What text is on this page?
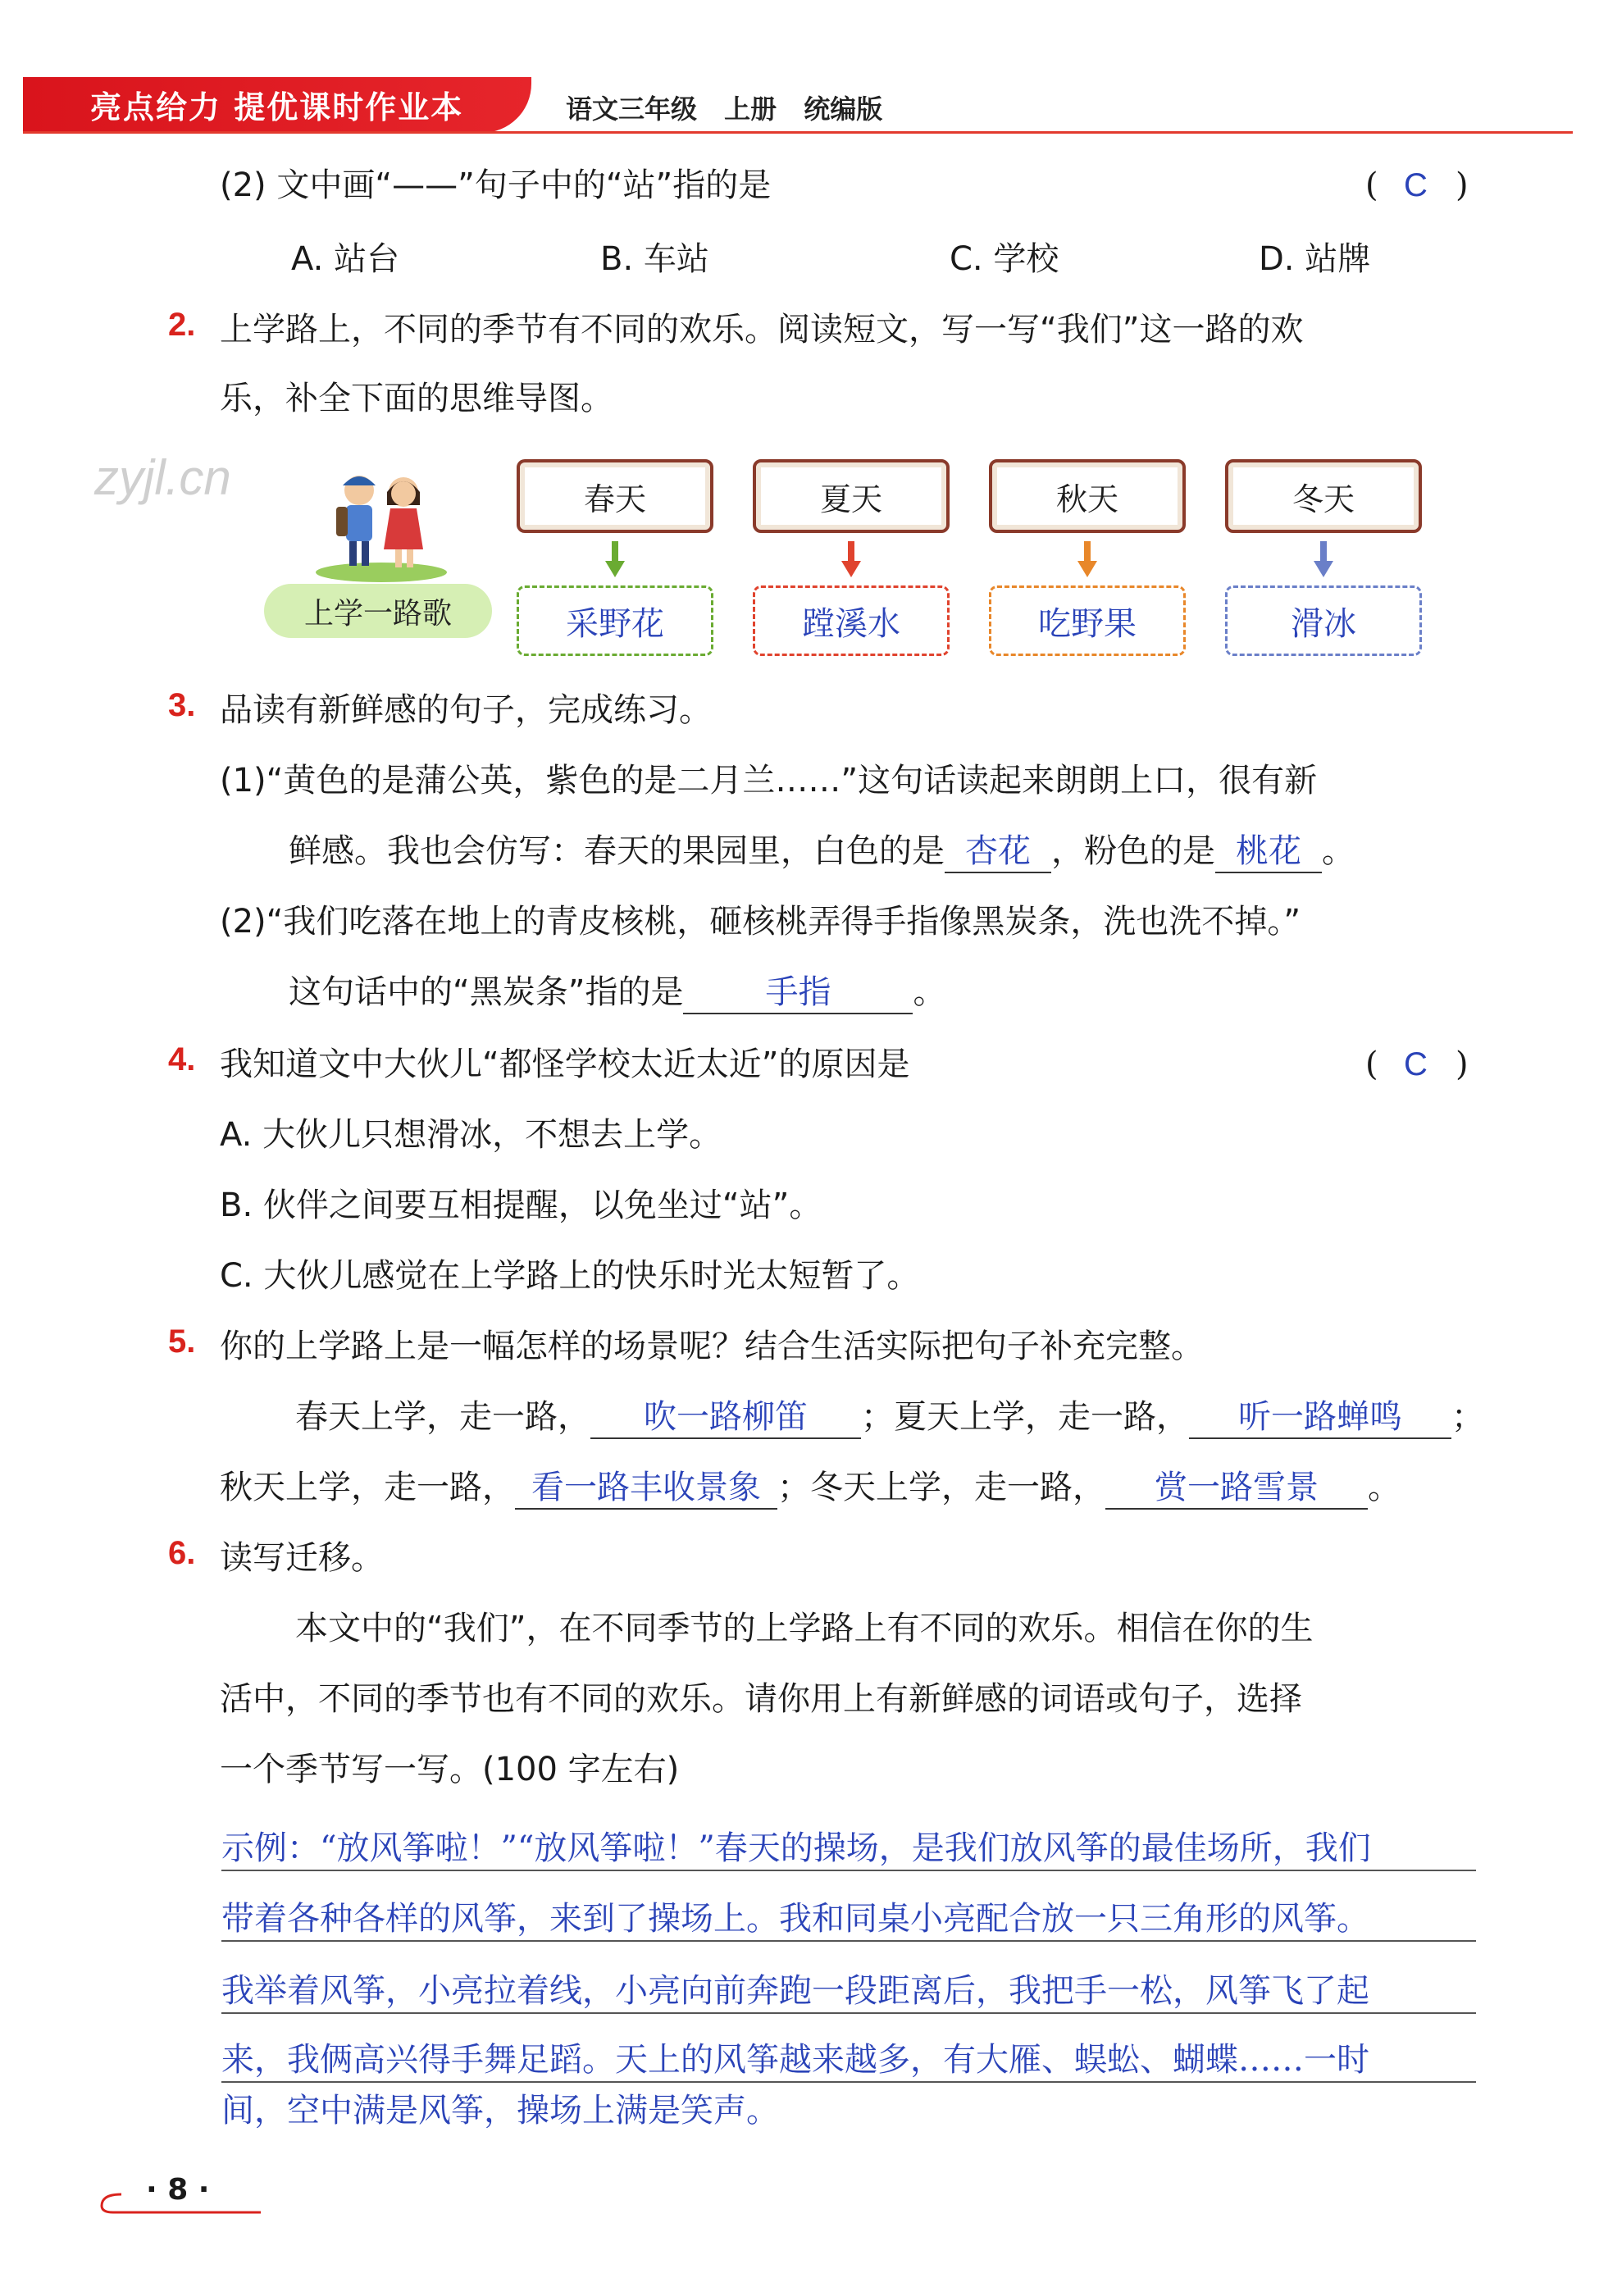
亮点给力 提优课时作业本	语文三年级 上册 统编版
(2) 文中画“——”句子中的“站”指的是	( C )
A. 站台	B. 车站	C. 学校	D. 站牌
2. 上学路上，不同的季节有不同的欢乐。阅读短文，写一写“我们”这一路的欢
乐，补全下面的思维导图。
zyjl.cn
上学一路歌
春天	夏天	秋天	冬天
采野花	蹚溪水	吃野果	滑冰
3. 品读有新鲜感的句子，完成练习。
(1)“黄色的是蒲公英，紫色的是二月兰……”这句话读起来朗朗上口，很有新
鲜感。我也会仿写：春天的果园里，白色的是 杏花 ，粉色的是 桃花 。
(2)“我们吃落在地上的青皮核桃，砸核桃弄得手指像黑炭条，洗也洗不掉。”
这句话中的“黑炭条”指的是	手指	。
4. 我知道文中大伙儿“都怪学校太近太近”的原因是	( C )
A. 大伙儿只想滑冰，不想去上学。
B. 伙伴之间要互相提醒，以免坐过“站”。
C. 大伙儿感觉在上学路上的快乐时光太短暂了。
5. 你的上学路上是一幅怎样的场景呢？结合生活实际把句子补充完整。
春天上学，走一路， 吹一路柳笛 ；夏天上学，走一路， 听一路蝉鸣 ；
秋天上学，走一路， 看一路丰收景象 ；冬天上学，走一路， 赏一路雪景 。
6. 读写迁移。
本文中的“我们”，在不同季节的上学路上有不同的欢乐。相信在你的生
活中，不同的季节也有不同的欢乐。请你用上有新鲜感的词语或句子，选择
一个季节写一写。(100 字左右)
示例：“放风筝啦！”“放风筝啦！”春天的操场，是我们放风筝的最佳场所，我们
带着各种各样的风筝，来到了操场上。我和同桌小亮配合放一只三角形的风筝。
我举着风筝，小亮拉着线，小亮向前奔跑一段距离后，我把手一松，风筝飞了起
来，我俩高兴得手舞足蹈。天上的风筝越来越多，有大雁、蜈蚣、蝴蝶……一时
间，空中满是风筝，操场上满是笑声。
· 8 ·
